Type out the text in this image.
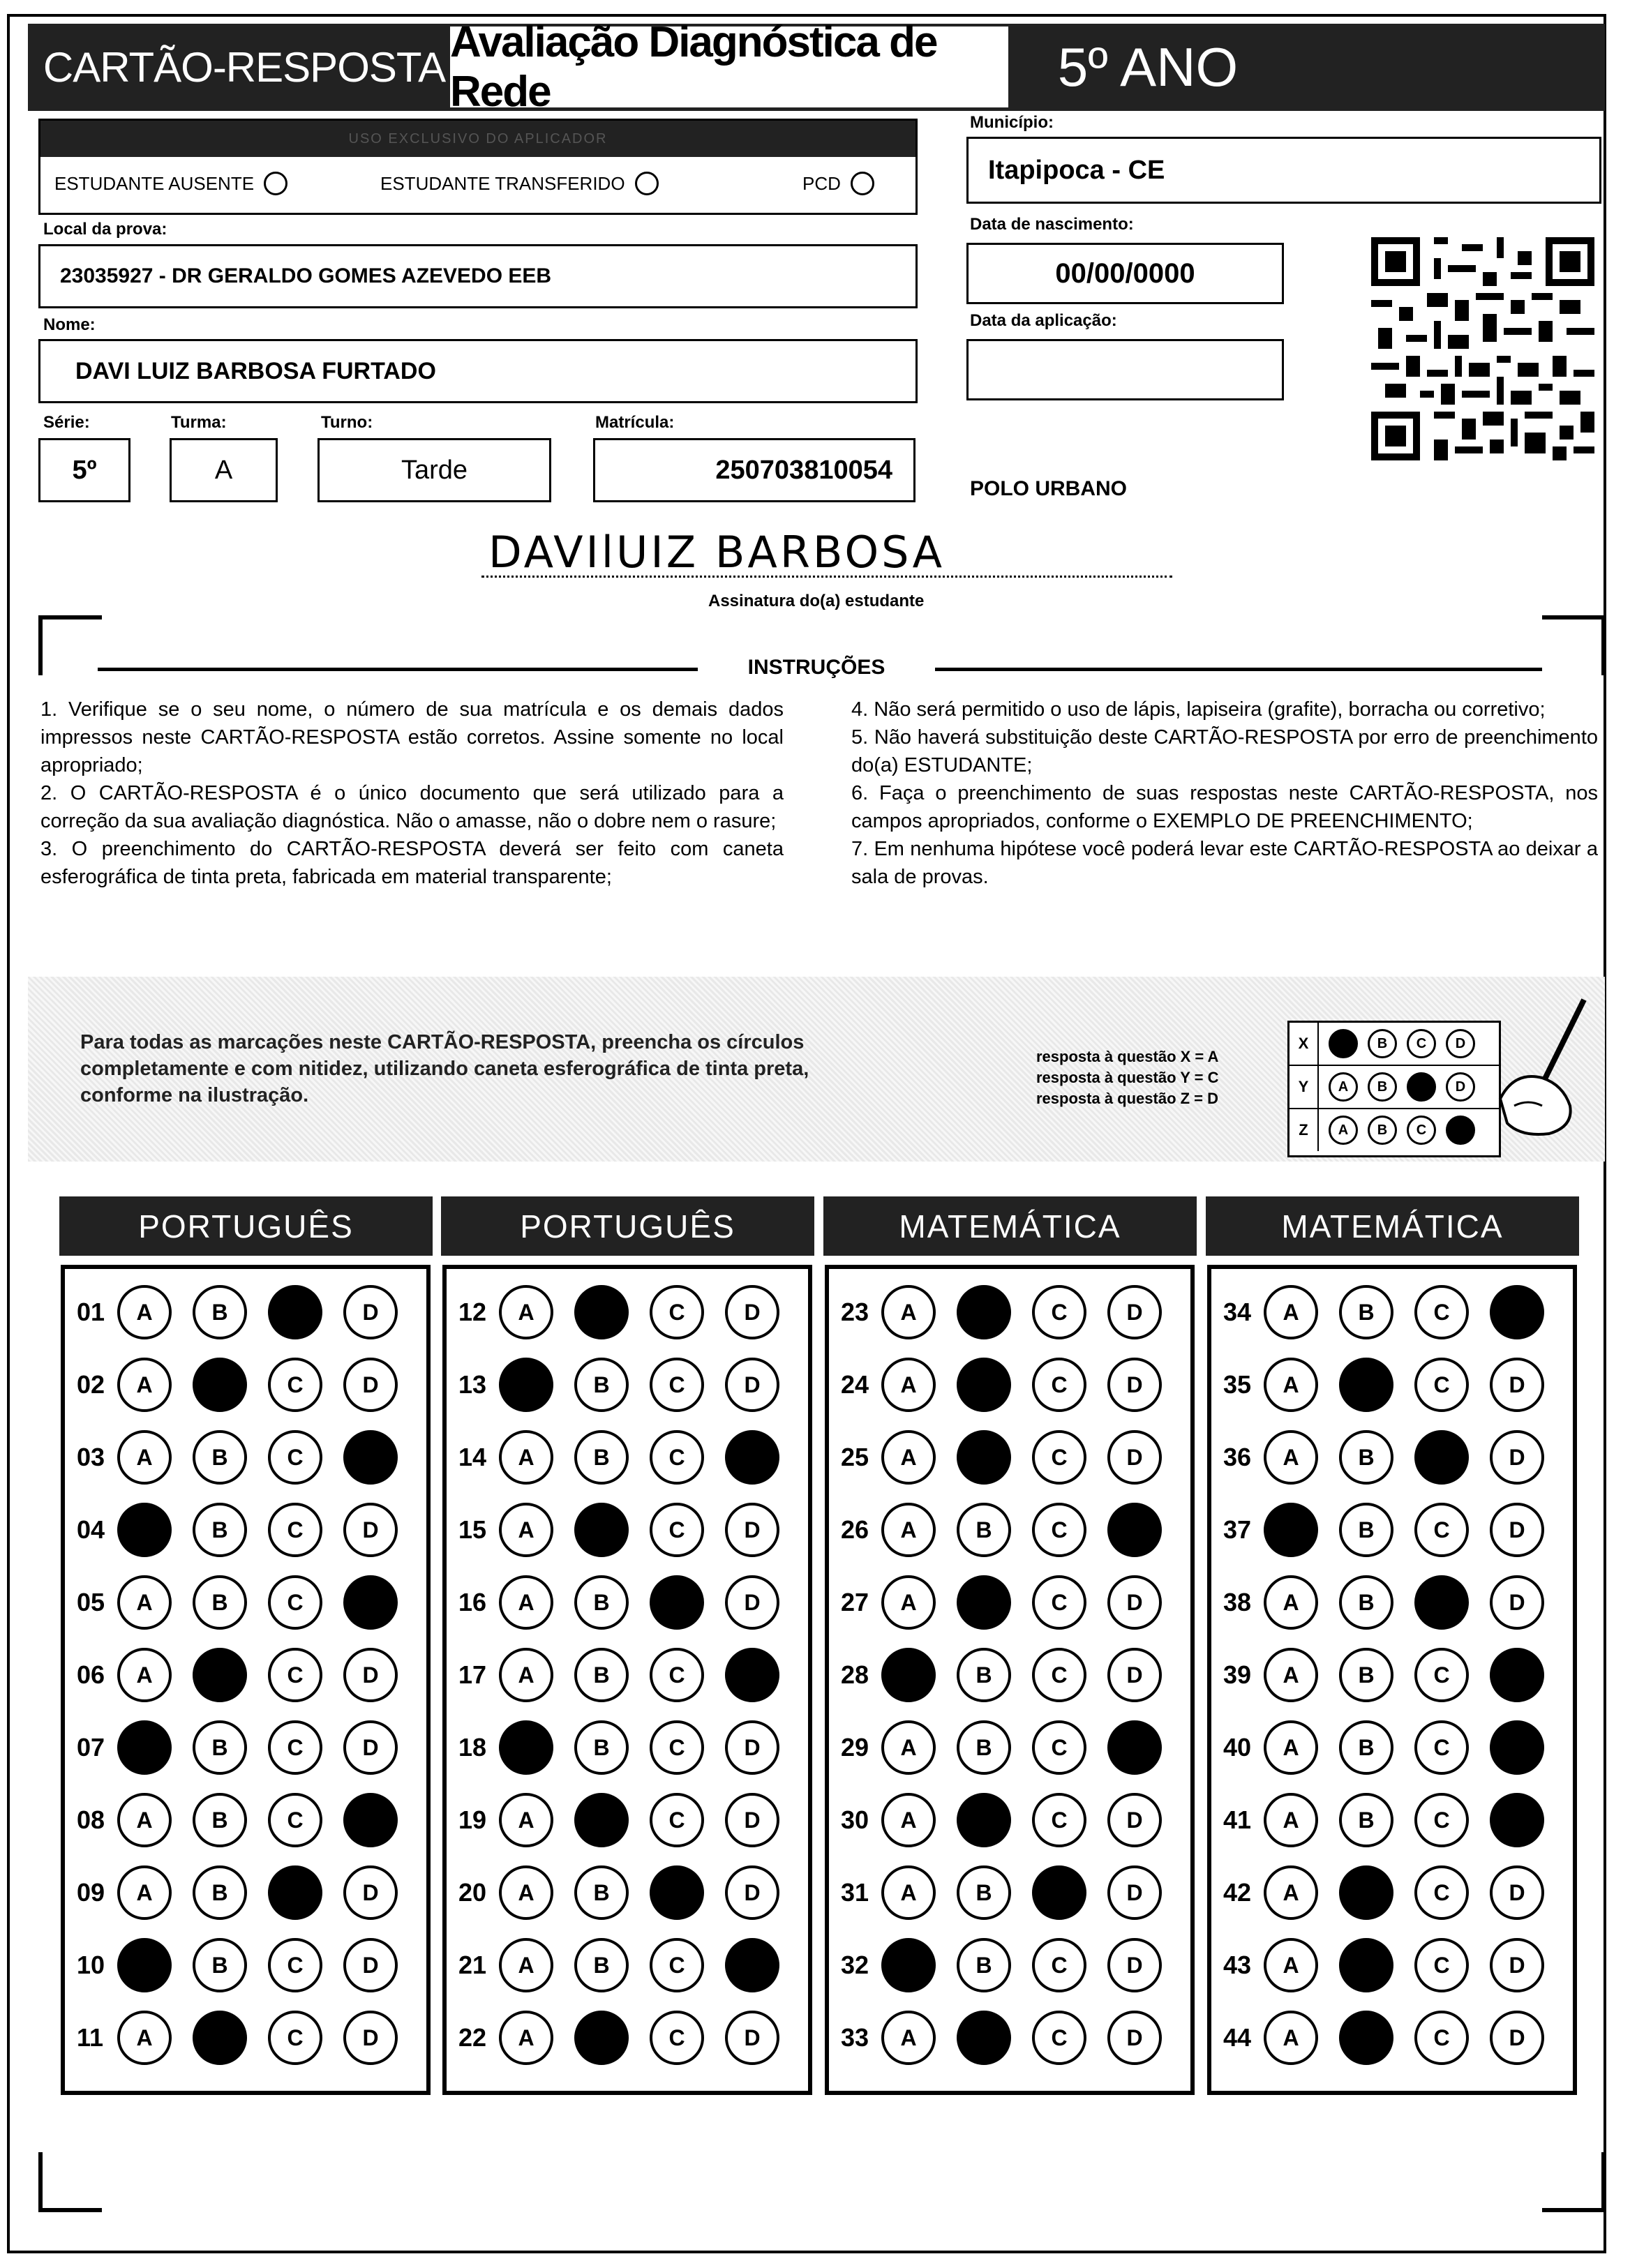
CARTÃO-RESPOSTA
Avaliação Diagnóstica de Rede	5º ANO
USO EXCLUSIVO DO APLICADOR
ESTUDANTE AUSENTE	ESTUDANTE TRANSFERIDO	PCD
Município:
Itapipoca - CE
Local da prova:
23035927 - DR GERALDO GOMES AZEVEDO EEB
Data de nascimento:
00/00/0000
Data da aplicação:
Nome:
DAVI LUIZ BARBOSA FURTADO
Série:
5º
Turma:
A
Turno:
Tarde
Matrícula:
250703810054
POLO URBANO
DAVIlUIZ BARBOSA
Assinatura do(a) estudante
INSTRUÇÕES
1. Verifique se o seu nome, o número de sua matrícula e os demais dados impressos neste CARTÃO-RESPOSTA estão corretos. Assine somente no local apropriado;
2. O CARTÃO-RESPOSTA é o único documento que será utilizado para a correção da sua avaliação diagnóstica. Não o amasse, não o dobre nem o rasure;
3. O preenchimento do CARTÃO-RESPOSTA deverá ser feito com caneta esferográfica de tinta preta, fabricada em material transparente;
4. Não será permitido o uso de lápis, lapiseira (grafite), borracha ou corretivo;
5. Não haverá substituição deste CARTÃO-RESPOSTA por erro de preenchimento do(a) ESTUDANTE;
6. Faça o preenchimento de suas respostas neste CARTÃO-RESPOSTA, nos campos apropriados, conforme o EXEMPLO DE PREENCHIMENTO;
7. Em nenhuma hipótese você poderá levar este CARTÃO-RESPOSTA ao deixar a sala de provas.
Para todas as marcações neste CARTÃO-RESPOSTA, preencha os círculos completamente e com nitidez, utilizando caneta esferográfica de tinta preta, conforme na ilustração.
resposta à questão X = A
resposta à questão Y = C
resposta à questão Z = D
X	A	B	C	D
Y	A	B	C	D
Z	A	B	C	D
PORTUGUÊS
01	A	B	C	D
02	A	B	C	D
03	A	B	C	D
04	A	B	C	D
05	A	B	C	D
06	A	B	C	D
07	A	B	C	D
08	A	B	C	D
09	A	B	C	D
10	A	B	C	D
11	A	B	C	D
PORTUGUÊS
12	A	B	C	D
13	A	B	C	D
14	A	B	C	D
15	A	B	C	D
16	A	B	C	D
17	A	B	C	D
18	A	B	C	D
19	A	B	C	D
20	A	B	C	D
21	A	B	C	D
22	A	B	C	D
MATEMÁTICA
23	A	B	C	D
24	A	B	C	D
25	A	B	C	D
26	A	B	C	D
27	A	B	C	D
28	A	B	C	D
29	A	B	C	D
30	A	B	C	D
31	A	B	C	D
32	A	B	C	D
33	A	B	C	D
MATEMÁTICA
34	A	B	C	D
35	A	B	C	D
36	A	B	C	D
37	A	B	C	D
38	A	B	C	D
39	A	B	C	D
40	A	B	C	D
41	A	B	C	D
42	A	B	C	D
43	A	B	C	D
44	A	B	C	D
